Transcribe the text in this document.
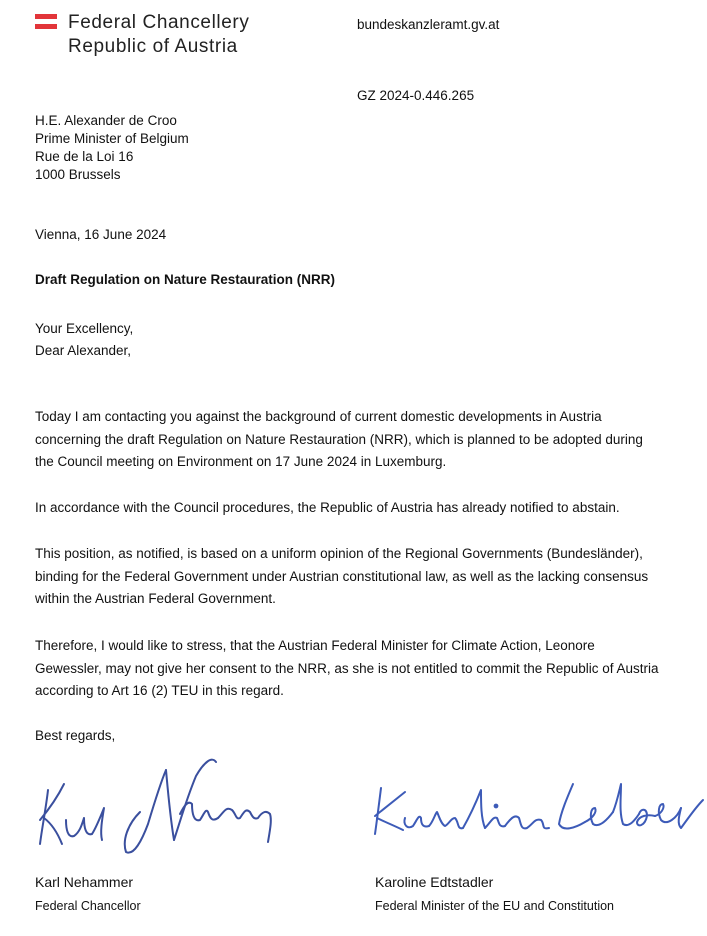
Federal Chancellery
Republic of Austria
bundeskanzleramt.gv.at
GZ 2024-0.446.265
H.E. Alexander de Croo
Prime Minister of Belgium
Rue de la Loi 16
1000 Brussels
Vienna, 16 June 2024
Draft Regulation on Nature Restauration (NRR)
Your Excellency,
Dear Alexander,
Today I am contacting you against the background of current domestic developments in Austria concerning the draft Regulation on Nature Restauration (NRR), which is planned to be adopted during the Council meeting on Environment on 17 June 2024 in Luxemburg.
In accordance with the Council procedures, the Republic of Austria has already notified to abstain.
This position, as notified, is based on a uniform opinion of the Regional Governments (Bundesländer), binding for the Federal Government under Austrian constitutional law, as well as the lacking consensus within the Austrian Federal Government.
Therefore, I would like to stress, that the Austrian Federal Minister for Climate Action, Leonore Gewessler, may not give her consent to the NRR, as she is not entitled to commit the Republic of Austria according to Art 16 (2) TEU in this regard.
Best regards,
Karl Nehammer
Federal Chancellor
Karoline Edtstadler
Federal Minister of the EU and Constitution
